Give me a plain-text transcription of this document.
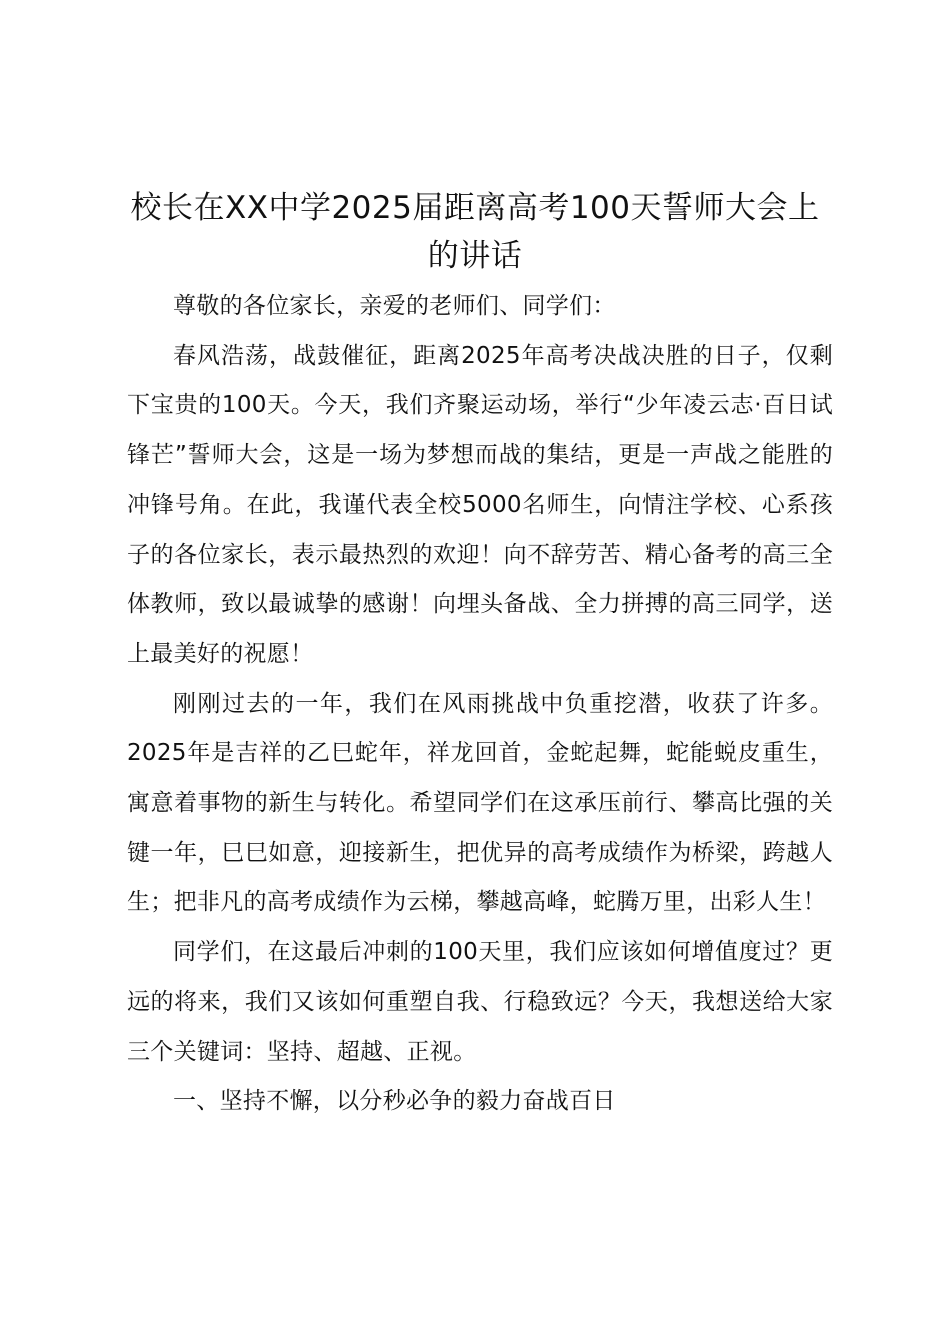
校长在XX中学2025届距离高考100天誓师大会上的讲话

尊敬的各位家长，亲爱的老师们、同学们：

春风浩荡，战鼓催征，距离2025年高考决战决胜的日子，仅剩下宝贵的100天。今天，我们齐聚运动场，举行“少年凌云志·百日试锋芒”誓师大会，这是一场为梦想而战的集结，更是一声战之能胜的冲锋号角。在此，我谨代表全校5000名师生，向情注学校、心系孩子的各位家长，表示最热烈的欢迎！向不辞劳苦、精心备考的高三全体教师，致以最诚挚的感谢！向埋头备战、全力拼搏的高三同学，送上最美好的祝愿！

刚刚过去的一年，我们在风雨挑战中负重挖潜，收获了许多。2025年是吉祥的乙巳蛇年，祥龙回首，金蛇起舞，蛇能蜕皮重生，寓意着事物的新生与转化。希望同学们在这承压前行、攀高比强的关键一年，巳巳如意，迎接新生，把优异的高考成绩作为桥梁，跨越人生；把非凡的高考成绩作为云梯，攀越高峰，蛇腾万里，出彩人生！

同学们，在这最后冲刺的100天里，我们应该如何增值度过？更远的将来，我们又该如何重塑自我、行稳致远？今天，我想送给大家三个关键词：坚持、超越、正视。

一、坚持不懈，以分秒必争的毅力奋战百日
